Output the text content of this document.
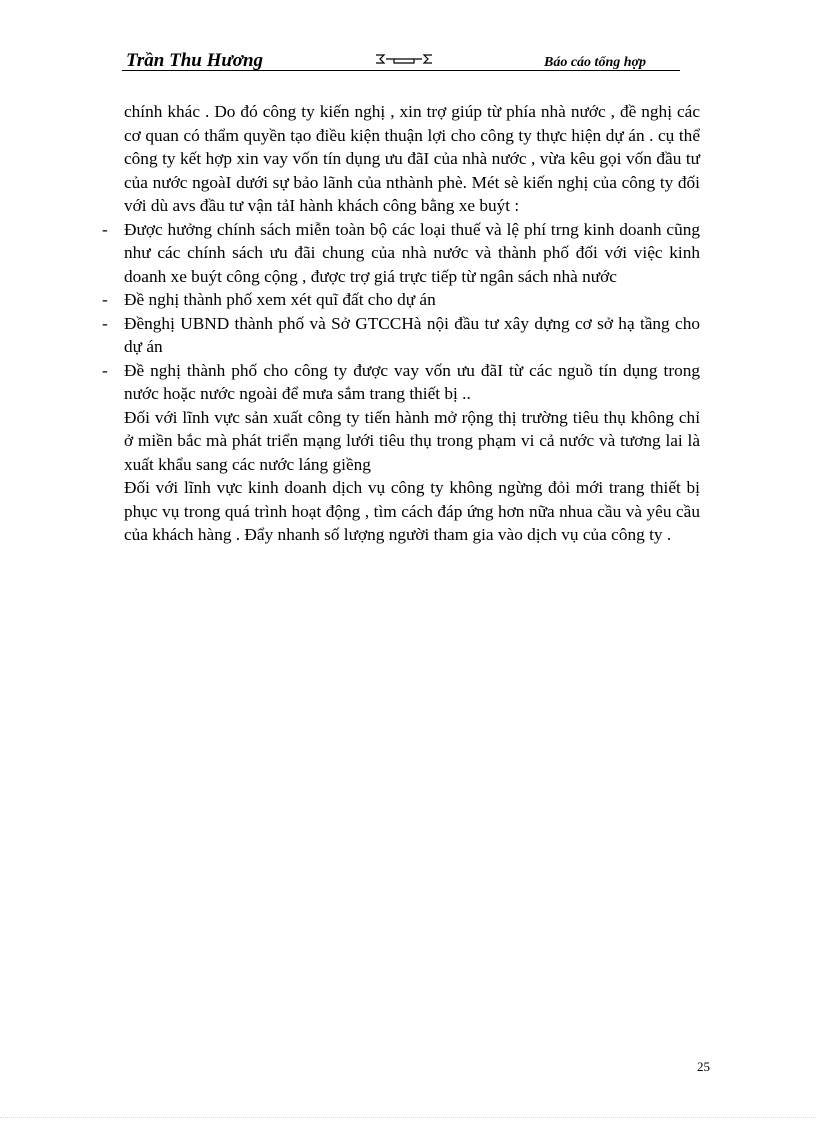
Trần Thu Hương	Báo cáo tổng hợp

chính khác . Do đó công ty kiến nghị , xin trợ giúp từ phía nhà nước , đề nghị các cơ quan có thẩm quyền tạo điều kiện thuận lợi cho công ty thực hiện dự án . cụ thể công ty kết hợp xin vay vốn tín dụng ưu đãI của nhà nước , vừa kêu gọi vốn đầu tư của nước ngoàI dưới sự bảo lãnh của nthành phè. Mét sè kiến nghị của công ty đối với dù avs đầu tư vận tảI hành khách công bằng xe buýt :

- Được hưởng chính sách miễn toàn bộ các loại thuế và lệ phí trng kinh doanh cũng như các chính sách ưu đãi chung của nhà nước và thành phố đối với việc kinh doanh xe buýt công cộng , được trợ giá trực tiếp từ ngân sách nhà nước
- Đề nghị thành phố xem xét quĩ đất cho dự án
- Đềnghị UBND thành phố và Sở GTCCHà nội đầu tư xây dựng cơ sở hạ tầng cho dự án
- Đề nghị thành phố cho công ty được vay vốn ưu đãI từ các nguồ tín dụng trong nước hoặc nước ngoài để mưa sắm trang thiết bị ..

Đối với lĩnh vực sản xuất công ty tiến hành mở rộng thị trường tiêu thụ không chỉ ở miền bắc mà phát triển mạng lưới tiêu thụ trong phạm vi cả nước và tương lai là xuất khẩu sang các nước láng giềng

Đối với lĩnh vực kinh doanh dịch vụ công ty không ngừng đỏi mới trang thiết bị phục vụ trong quá trình hoạt động , tìm cách đáp ứng hơn nữa nhua cầu và yêu cầu của khách hàng . Đẩy nhanh số lượng người tham gia vào dịch vụ của công ty .

25
